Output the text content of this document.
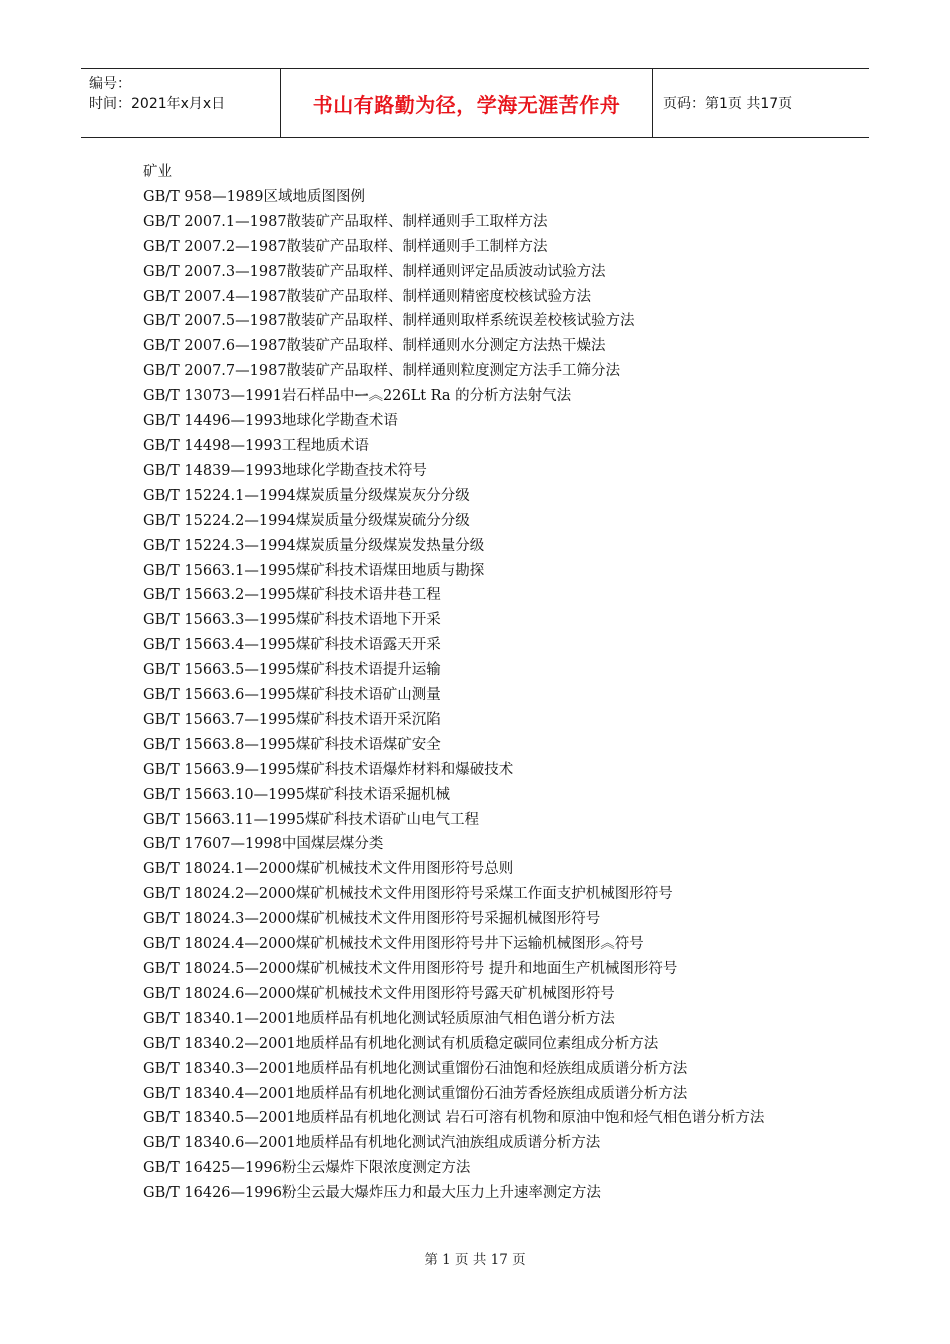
编号：
时间：2021年x月x日	书山有路勤为径，学海无涯苦作舟	页码：第1页 共17页
矿业
GB/T 958—1989区域地质图图例
GB/T 2007.1—1987散装矿产品取样、制样通则手工取样方法
GB/T 2007.2—1987散装矿产品取样、制样通则手工制样方法
GB/T 2007.3—1987散装矿产品取样、制样通则评定品质波动试验方法
GB/T 2007.4—1987散装矿产品取样、制样通则精密度校核试验方法
GB/T 2007.5—1987散装矿产品取样、制样通则取样系统误差校核试验方法
GB/T 2007.6—1987散装矿产品取样、制样通则水分测定方法热干燥法
GB/T 2007.7—1987散装矿产品取样、制样通则粒度测定方法手工筛分法
GB/T 13073—1991岩石样品中ᆖ︽226Lt Ra 的分析方法射气法
GB/T 14496—1993地球化学勘查术语
GB/T 14498—1993工程地质术语
GB/T 14839—1993地球化学勘查技术符号
GB/T 15224.1—1994煤炭质量分级煤炭灰分分级
GB/T 15224.2—1994煤炭质量分级煤炭硫分分级
GB/T 15224.3—1994煤炭质量分级煤炭发热量分级
GB/T 15663.1—1995煤矿科技术语煤田地质与勘探
GB/T 15663.2—1995煤矿科技术语井巷工程
GB/T 15663.3—1995煤矿科技术语地下开采
GB/T 15663.4—1995煤矿科技术语露天开采
GB/T 15663.5—1995煤矿科技术语提升运输
GB/T 15663.6—1995煤矿科技术语矿山测量
GB/T 15663.7—1995煤矿科技术语开采沉陷
GB/T 15663.8—1995煤矿科技术语煤矿安全
GB/T 15663.9—1995煤矿科技术语爆炸材料和爆破技术
GB/T 15663.10—1995煤矿科技术语采掘机械
GB/T 15663.11—1995煤矿科技术语矿山电气工程
GB/T 17607—1998中国煤层煤分类
GB/T 18024.1—2000煤矿机械技术文件用图形符号总则
GB/T 18024.2—2000煤矿机械技术文件用图形符号采煤工作面支护机械图形符号
GB/T 18024.3—2000煤矿机械技术文件用图形符号采掘机械图形符号
GB/T 18024.4—2000煤矿机械技术文件用图形符号井下运输机械图形︽符号
GB/T 18024.5—2000煤矿机械技术文件用图形符号 提升和地面生产机械图形符号
GB/T 18024.6—2000煤矿机械技术文件用图形符号露天矿机械图形符号
GB/T 18340.1—2001地质样品有机地化测试轻质原油气相色谱分析方法
GB/T 18340.2—2001地质样品有机地化测试有机质稳定碳同位素组成分析方法
GB/T 18340.3—2001地质样品有机地化测试重馏份石油饱和烃族组成质谱分析方法
GB/T 18340.4—2001地质样品有机地化测试重馏份石油芳香烃族组成质谱分析方法
GB/T 18340.5—2001地质样品有机地化测试 岩石可溶有机物和原油中饱和烃气相色谱分析方法
GB/T 18340.6—2001地质样品有机地化测试汽油族组成质谱分析方法
GB/T 16425—1996粉尘云爆炸下限浓度测定方法
GB/T 16426—1996粉尘云最大爆炸压力和最大压力上升速率测定方法
第 1 页 共 17 页
